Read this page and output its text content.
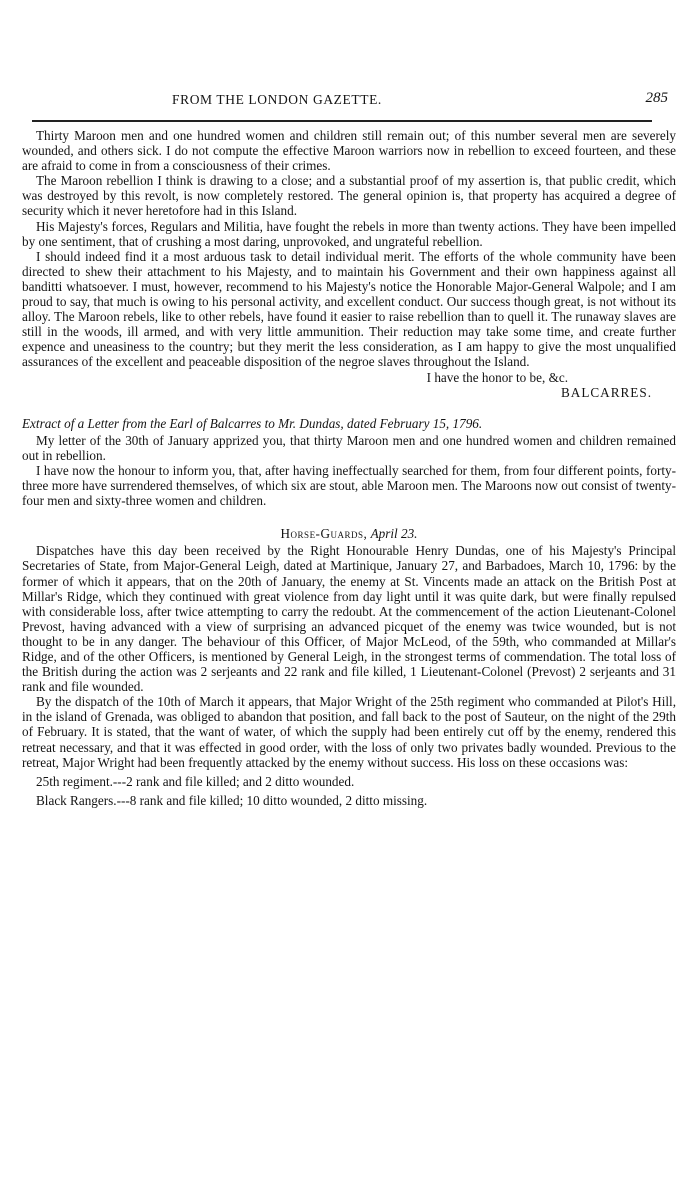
FROM THE LONDON GAZETTE.	285

Thirty Maroon men and one hundred women and children still remain out; of this number several men are severely wounded, and others sick. I do not compute the effective Maroon warriors now in rebellion to exceed fourteen, and these are afraid to come in from a consciousness of their crimes.

The Maroon rebellion I think is drawing to a close; and a substantial proof of my assertion is, that public credit, which was destroyed by this revolt, is now completely restored. The general opinion is, that property has acquired a degree of security which it never heretofore had in this Island.

His Majesty's forces, Regulars and Militia, have fought the rebels in more than twenty actions. They have been impelled by one sentiment, that of crushing a most daring, unprovoked, and ungrateful rebellion.

I should indeed find it a most arduous task to detail individual merit. The efforts of the whole community have been directed to shew their attachment to his Majesty, and to maintain his Government and their own happiness against all banditti whatsoever. I must, however, recommend to his Majesty's notice the Honorable Major-General Walpole; and I am proud to say, that much is owing to his personal activity, and excellent conduct. Our success though great, is not without its alloy. The Maroon rebels, like to other rebels, have found it easier to raise rebellion than to quell it. The runaway slaves are still in the woods, ill armed, and with very little ammunition. Their reduction may take some time, and create further expence and uneasiness to the country; but they merit the less consideration, as I am happy to give the most unqualified assurances of the excellent and peaceable disposition of the negroe slaves throughout the Island.

I have the honor to be, &c.

BALCARRES.

Extract of a Letter from the Earl of Balcarres to Mr. Dundas, dated February 15, 1796.

My letter of the 30th of January apprized you, that thirty Maroon men and one hundred women and children remained out in rebellion.

I have now the honour to inform you, that, after having ineffectually searched for them, from four different points, forty-three more have surrendered themselves, of which six are stout, able Maroon men. The Maroons now out consist of twenty-four men and sixty-three women and children.

Horse-Guards, April 23.

Dispatches have this day been received by the Right Honourable Henry Dundas, one of his Majesty's Principal Secretaries of State, from Major-General Leigh, dated at Martinique, January 27, and Barbadoes, March 10, 1796: by the former of which it appears, that on the 20th of January, the enemy at St. Vincents made an attack on the British Post at Millar's Ridge, which they continued with great violence from day light until it was quite dark, but were finally repulsed with considerable loss, after twice attempting to carry the redoubt. At the commencement of the action Lieutenant-Colonel Prevost, having advanced with a view of surprising an advanced picquet of the enemy was twice wounded, but is not thought to be in any danger. The behaviour of this Officer, of Major McLeod, of the 59th, who commanded at Millar's Ridge, and of the other Officers, is mentioned by General Leigh, in the strongest terms of commendation. The total loss of the British during the action was 2 serjeants and 22 rank and file killed, 1 Lieutenant-Colonel (Prevost) 2 serjeants and 31 rank and file wounded.

By the dispatch of the 10th of March it appears, that Major Wright of the 25th regiment who commanded at Pilot's Hill, in the island of Grenada, was obliged to abandon that position, and fall back to the post of Sauteur, on the night of the 29th of February. It is stated, that the want of water, of which the supply had been entirely cut off by the enemy, rendered this retreat necessary, and that it was effected in good order, with the loss of only two privates badly wounded. Previous to the retreat, Major Wright had been frequently attacked by the enemy without success. His loss on these occasions was:

25th regiment.---2 rank and file killed; and 2 ditto wounded.

Black Rangers.---8 rank and file killed; 10 ditto wounded, 2 ditto missing.
